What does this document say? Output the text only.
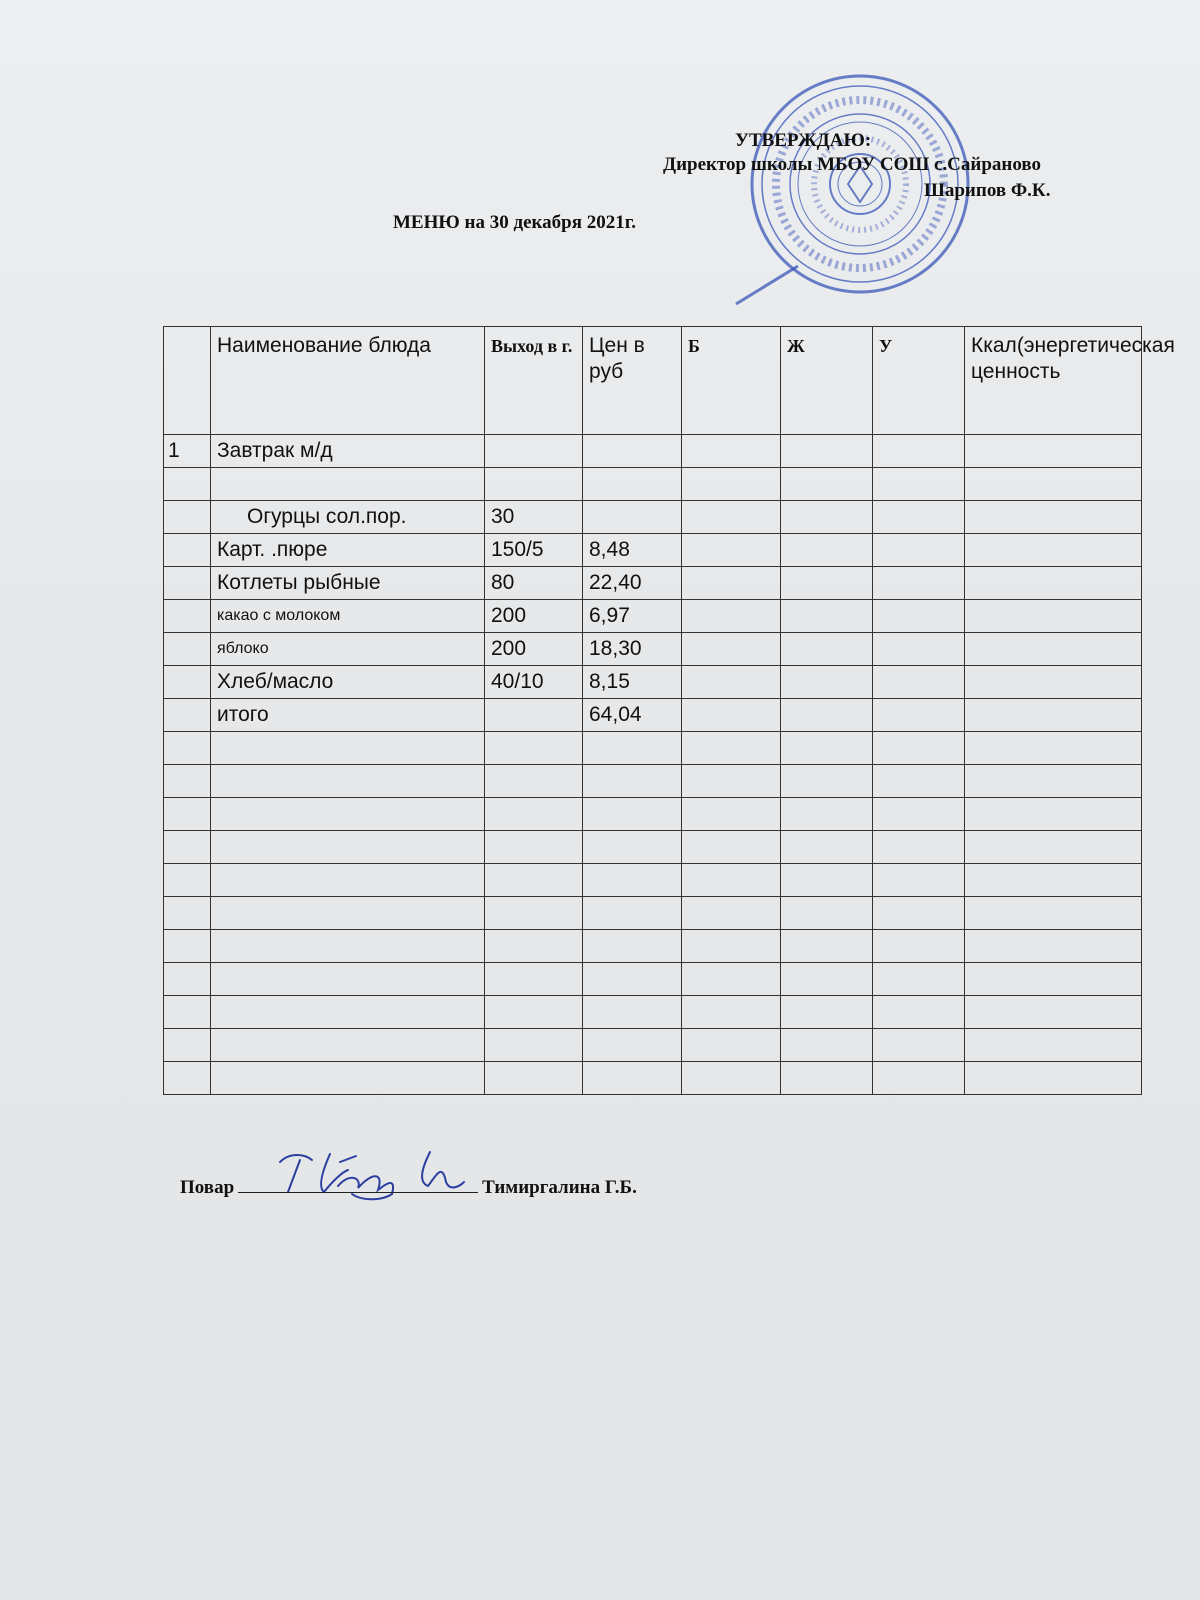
УТВЕРЖДАЮ:
Директор школы МБОУ СОШ с.Сайраново
Шарипов Ф.К.
МЕНЮ на 30 декабря 2021г.
	Наименование блюда	Выход в г.	Цен в руб	Б	Ж	У	Ккал(энергетическая ценность
1	Завтрак м/д						

	Огурцы сол.пор.	30					
	Карт. .пюре	150/5	8,48				
	Котлеты рыбные	80	22,40				
	какао с молоком	200	6,97				
	яблоко	200	18,30				
	Хлеб/масло	40/10	8,15				
	итого		64,04				

Повар	Тимиргалина Г.Б.
